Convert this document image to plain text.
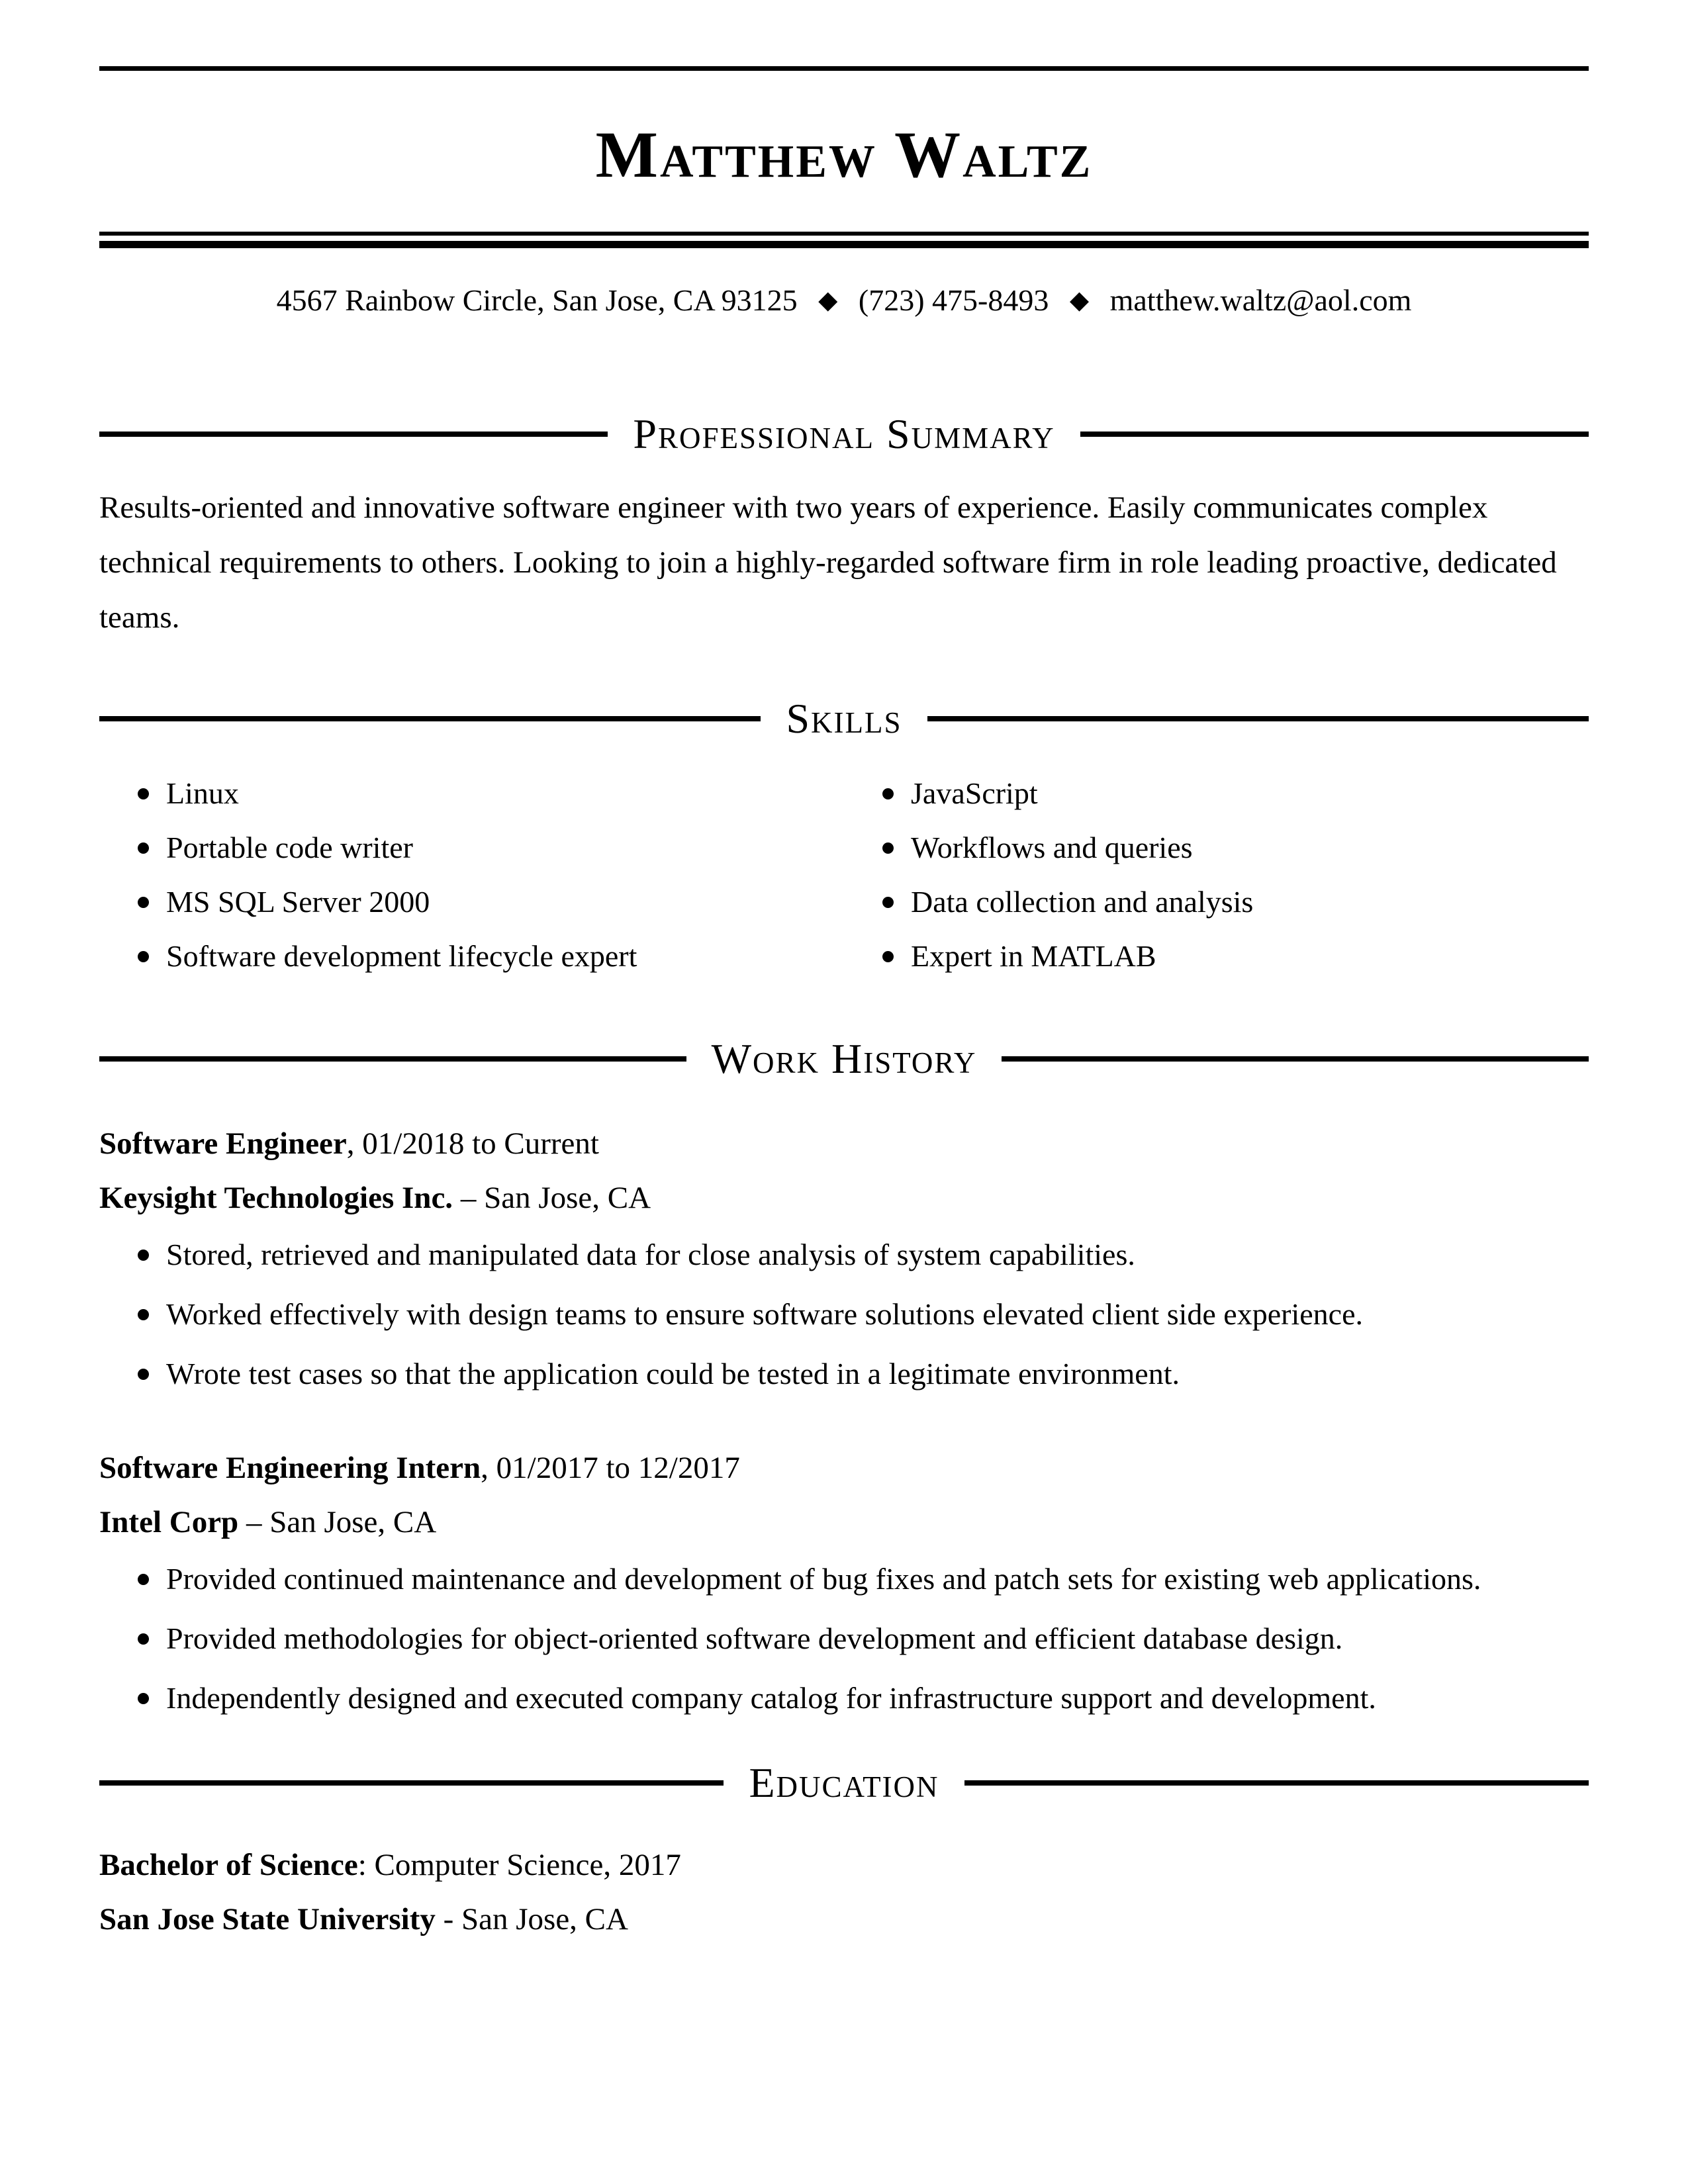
Matthew Waltz
4567 Rainbow Circle, San Jose, CA 93125 ◆ (723) 475-8493 ◆ matthew.waltz@aol.com
Professional Summary
Results-oriented and innovative software engineer with two years of experience. Easily communicates complex technical requirements to others. Looking to join a highly-regarded software firm in role leading proactive, dedicated teams.
Skills
Linux
Portable code writer
MS SQL Server 2000
Software development lifecycle expert
JavaScript
Workflows and queries
Data collection and analysis
Expert in MATLAB
Work History
Software Engineer, 01/2018 to Current
Keysight Technologies Inc. – San Jose, CA
Stored, retrieved and manipulated data for close analysis of system capabilities.
Worked effectively with design teams to ensure software solutions elevated client side experience.
Wrote test cases so that the application could be tested in a legitimate environment.
Software Engineering Intern, 01/2017 to 12/2017
Intel Corp – San Jose, CA
Provided continued maintenance and development of bug fixes and patch sets for existing web applications.
Provided methodologies for object-oriented software development and efficient database design.
Independently designed and executed company catalog for infrastructure support and development.
Education
Bachelor of Science: Computer Science, 2017
San Jose State University - San Jose, CA
